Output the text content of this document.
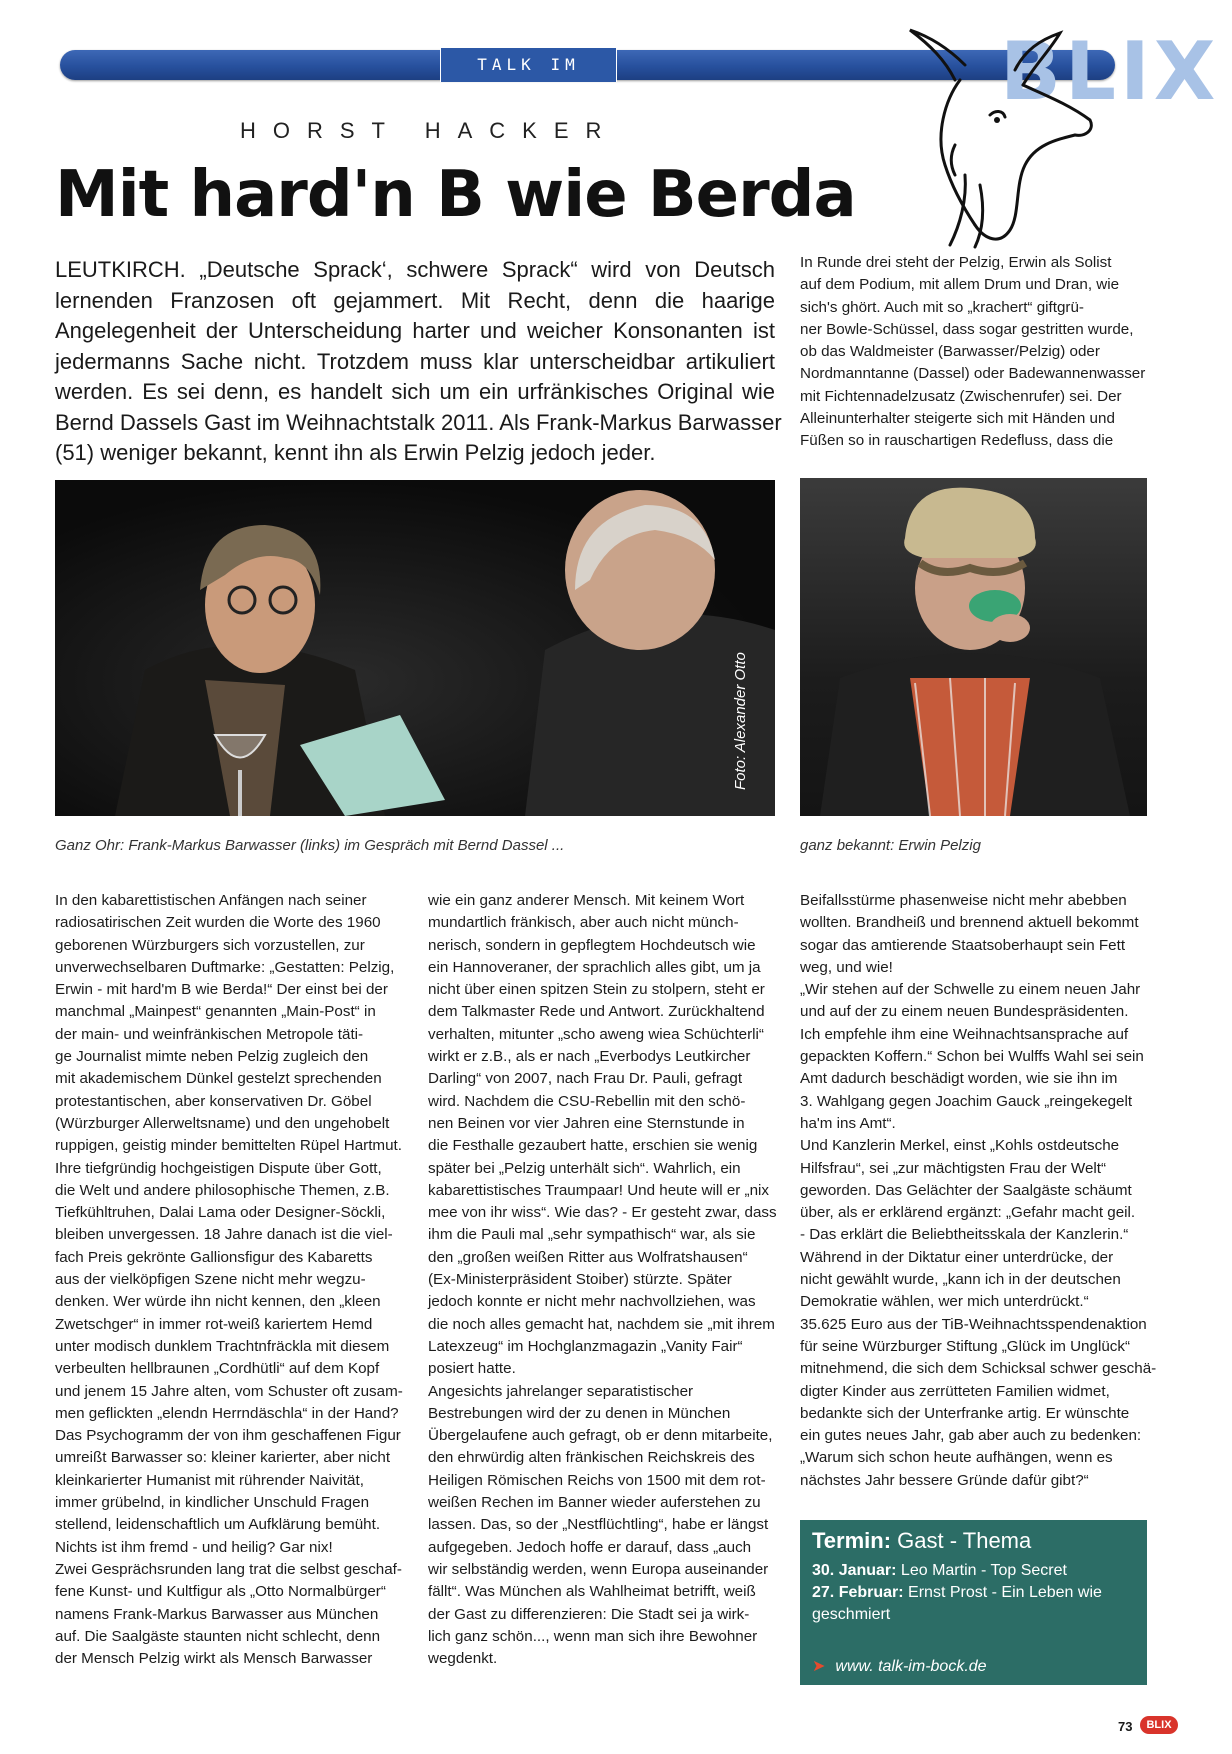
TALK IM BOCK	BLIX
HORST HACKER
Mit hard'n B wie Berda
LEUTKIRCH. „Deutsche Sprack‘, schwere Sprack“ wird von Deutsch
lernenden Franzosen oft gejammert. Mit Recht, denn die haarige
Angelegenheit der Unterscheidung harter und weicher Konsonanten ist
jedermanns Sache nicht. Trotzdem muss klar unterscheidbar artikuliert
werden. Es sei denn, es handelt sich um ein urfränkisches Original wie
Bernd Dassels Gast im Weihnachtstalk 2011. Als Frank-Markus Barwasser
(51) weniger bekannt, kennt ihn als Erwin Pelzig jedoch jeder.
In Runde drei steht der Pelzig, Erwin als Solist
auf dem Podium, mit allem Drum und Dran, wie
sich's ghört. Auch mit so „krachert“ giftgrü-
ner Bowle-Schüssel, dass sogar gestritten wurde,
ob das Waldmeister (Barwasser/Pelzig) oder
Nordmanntanne (Dassel) oder Badewannenwasser
mit Fichtennadelzusatz (Zwischenrufer) sei. Der
Alleinunterhalter steigerte sich mit Händen und
Füßen so in rauschartigen Redefluss, dass die
Foto: Alexander Otto
Ganz Ohr: Frank-Markus Barwasser (links) im Gespräch mit Bernd Dassel ...	ganz bekannt: Erwin Pelzig
In den kabarettistischen Anfängen nach seiner
radiosatirischen Zeit wurden die Worte des 1960
geborenen Würzburgers sich vorzustellen, zur
unverwechselbaren Duftmarke: „Gestatten: Pelzig,
Erwin - mit hard'm B wie Berda!“ Der einst bei der
manchmal „Mainpest“ genannten „Main-Post“ in
der main- und weinfränkischen Metropole täti-
ge Journalist mimte neben Pelzig zugleich den
mit akademischem Dünkel gestelzt sprechenden
protestantischen, aber konservativen Dr. Göbel
(Würzburger Allerweltsname) und den ungehobelt
ruppigen, geistig minder bemittelten Rüpel Hartmut.
Ihre tiefgründig hochgeistigen Dispute über Gott,
die Welt und andere philosophische Themen, z.B.
Tiefkühltruhen, Dalai Lama oder Designer-Söckli,
bleiben unvergessen. 18 Jahre danach ist die viel-
fach Preis gekrönte Gallionsfigur des Kabaretts
aus der vielköpfigen Szene nicht mehr wegzu-
denken. Wer würde ihn nicht kennen, den „kleen
Zwetschger“ in immer rot-weiß kariertem Hemd
unter modisch dunklem Trachtnfräckla mit diesem
verbeulten hellbraunen „Cordhütli“ auf dem Kopf
und jenem 15 Jahre alten, vom Schuster oft zusam-
men geflickten „elendn Herrndäschla“ in der Hand?
Das Psychogramm der von ihm geschaffenen Figur
umreißt Barwasser so: kleiner karierter, aber nicht
kleinkarierter Humanist mit rührender Naivität,
immer grübelnd, in kindlicher Unschuld Fragen
stellend, leidenschaftlich um Aufklärung bemüht.
Nichts ist ihm fremd - und heilig? Gar nix!
Zwei Gesprächsrunden lang trat die selbst geschaf-
fene Kunst- und Kultfigur als „Otto Normalbürger“
namens Frank-Markus Barwasser aus München
auf. Die Saalgäste staunten nicht schlecht, denn
der Mensch Pelzig wirkt als Mensch Barwasser
wie ein ganz anderer Mensch. Mit keinem Wort
mundartlich fränkisch, aber auch nicht münch-
nerisch, sondern in gepflegtem Hochdeutsch wie
ein Hannoveraner, der sprachlich alles gibt, um ja
nicht über einen spitzen Stein zu stolpern, steht er
dem Talkmaster Rede und Antwort. Zurückhaltend
verhalten, mitunter „scho aweng wiea Schüchterli“
wirkt er z.B., als er nach „Everbodys Leutkircher
Darling“ von 2007, nach Frau Dr. Pauli, gefragt
wird. Nachdem die CSU-Rebellin mit den schö-
nen Beinen vor vier Jahren eine Sternstunde in
die Festhalle gezaubert hatte, erschien sie wenig
später bei „Pelzig unterhält sich“. Wahrlich, ein
kabarettistisches Traumpaar! Und heute will er „nix
mee von ihr wiss“. Wie das? - Er gesteht zwar, dass
ihm die Pauli mal „sehr sympathisch“ war, als sie
den „großen weißen Ritter aus Wolfratshausen“
(Ex-Ministerpräsident Stoiber) stürzte. Später
jedoch konnte er nicht mehr nachvollziehen, was
die noch alles gemacht hat, nachdem sie „mit ihrem
Latexzeug“ im Hochglanzmagazin „Vanity Fair“
posiert hatte.
Angesichts jahrelanger separatistischer
Bestrebungen wird der zu denen in München
Übergelaufene auch gefragt, ob er denn mitarbeite,
den ehrwürdig alten fränkischen Reichskreis des
Heiligen Römischen Reichs von 1500 mit dem rot-
weißen Rechen im Banner wieder auferstehen zu
lassen. Das, so der „Nestflüchtling“, habe er längst
aufgegeben. Jedoch hoffe er darauf, dass „auch
wir selbständig werden, wenn Europa auseinander
fällt“. Was München als Wahlheimat betrifft, weiß
der Gast zu differenzieren: Die Stadt sei ja wirk-
lich ganz schön..., wenn man sich ihre Bewohner
wegdenkt.
Beifallsstürme phasenweise nicht mehr abebben
wollten. Brandheiß und brennend aktuell bekommt
sogar das amtierende Staatsoberhaupt sein Fett
weg, und wie!
„Wir stehen auf der Schwelle zu einem neuen Jahr
und auf der zu einem neuen Bundespräsidenten.
Ich empfehle ihm eine Weihnachtsansprache auf
gepackten Koffern.“ Schon bei Wulffs Wahl sei sein
Amt dadurch beschädigt worden, wie sie ihn im
3. Wahlgang gegen Joachim Gauck „reingekegelt
ha'm ins Amt“.
Und Kanzlerin Merkel, einst „Kohls ostdeutsche
Hilfsfrau“, sei „zur mächtigsten Frau der Welt“
geworden. Das Gelächter der Saalgäste schäumt
über, als er erklärend ergänzt: „Gefahr macht geil.
- Das erklärt die Beliebtheitsskala der Kanzlerin.“
Während in der Diktatur einer unterdrücke, der
nicht gewählt wurde, „kann ich in der deutschen
Demokratie wählen, wer mich unterdrückt.“
35.625 Euro aus der TiB-Weihnachtsspendenaktion
für seine Würzburger Stiftung „Glück im Unglück“
mitnehmend, die sich dem Schicksal schwer geschä-
digter Kinder aus zerrütteten Familien widmet,
bedankte sich der Unterfranke artig. Er wünschte
ein gutes neues Jahr, gab aber auch zu bedenken:
„Warum sich schon heute aufhängen, wenn es
nächstes Jahr bessere Gründe dafür gibt?“
Termin: Gast - Thema
30. Januar: Leo Martin - Top Secret
27. Februar: Ernst Prost - Ein Leben wie geschmiert
➤ www. talk-im-bock.de
73	BLIX
